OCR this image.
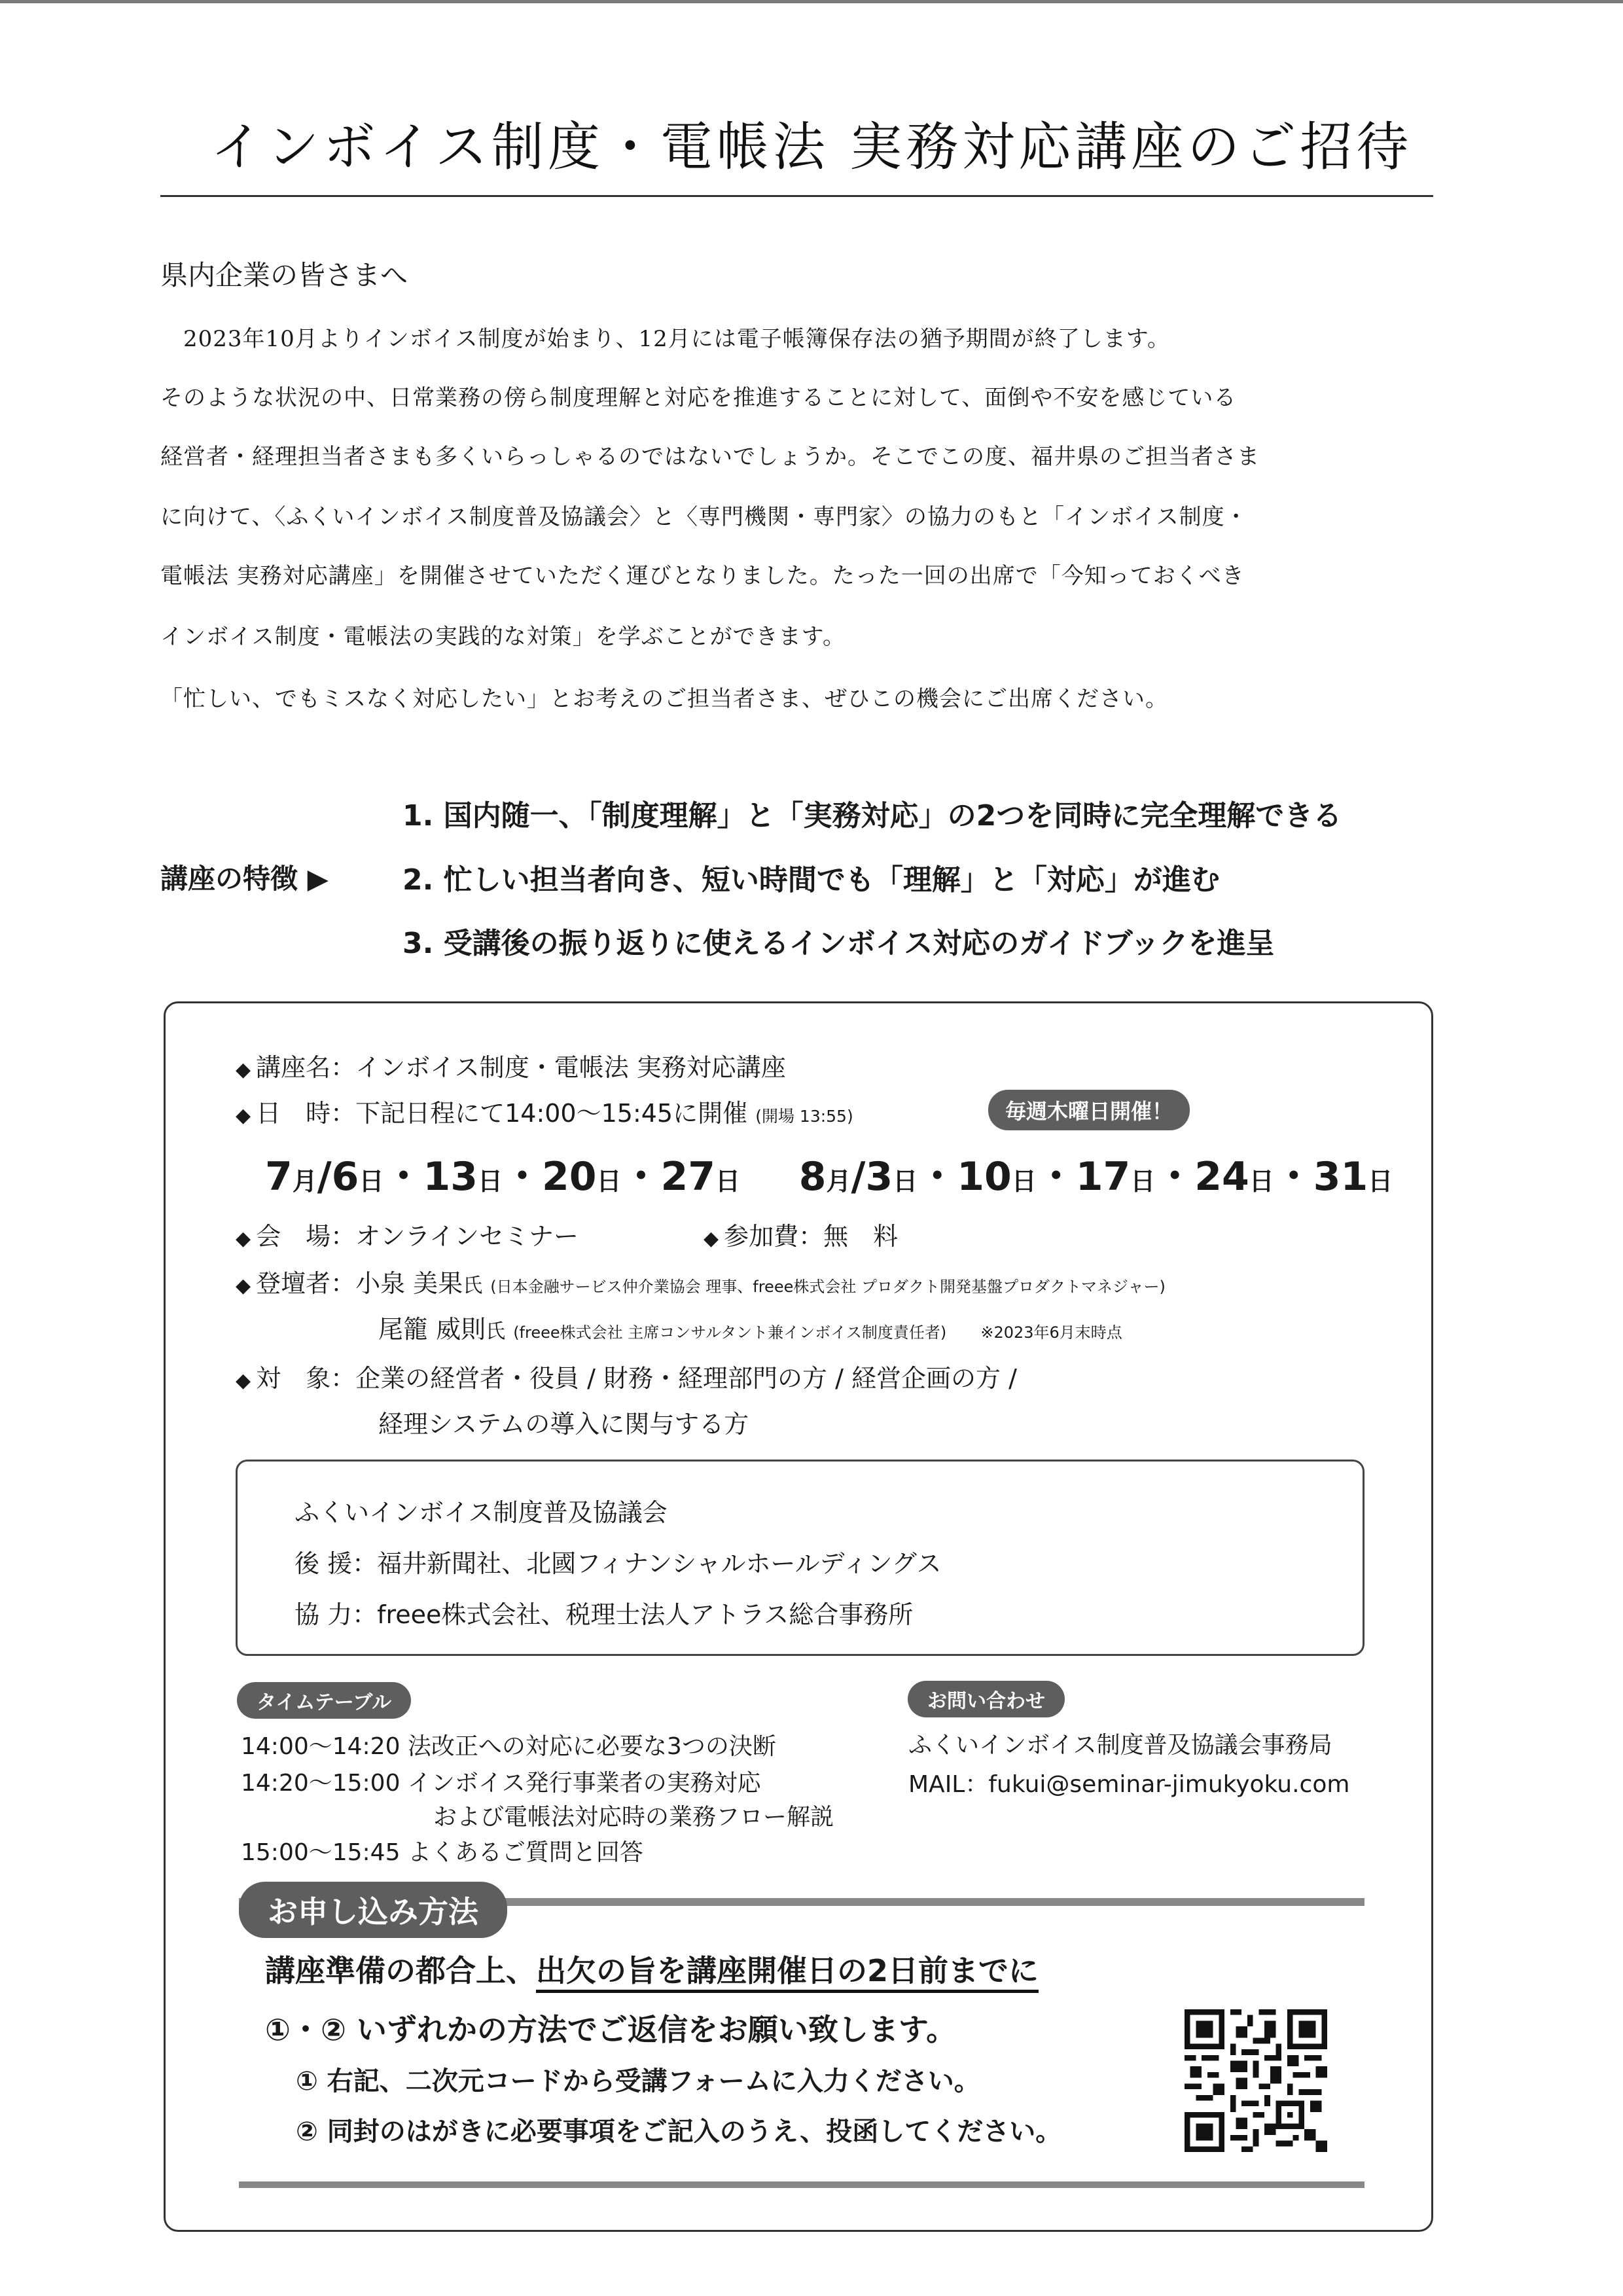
インボイス制度・電帳法 実務対応講座のご招待
県内企業の皆さまへ
　2023年10月よりインボイス制度が始まり、12月には電子帳簿保存法の猶予期間が終了します。
そのような状況の中、日常業務の傍ら制度理解と対応を推進することに対して、面倒や不安を感じている
経営者・経理担当者さまも多くいらっしゃるのではないでしょうか。そこでこの度、福井県のご担当者さま
に向けて、〈ふくいインボイス制度普及協議会〉と〈専門機関・専門家〉の協力のもと「インボイス制度・
電帳法 実務対応講座」を開催させていただく運びとなりました。たった一回の出席で「今知っておくべき
インボイス制度・電帳法の実践的な対策」を学ぶことができます。
「忙しい、でもミスなく対応したい」とお考えのご担当者さま、ぜひこの機会にご出席ください。
講座の特徴 ▶
1. 国内随一、「制度理解」と「実務対応」の2つを同時に完全理解できる
2. 忙しい担当者向き、短い時間でも「理解」と「対応」が進む
3. 受講後の振り返りに使えるインボイス対応のガイドブックを進呈
◆ 講座名：インボイス制度・電帳法 実務対応講座
◆ 日　時：下記日程にて14:00～15:45に開催 (開場 13:55)	毎週木曜日開催！
7月/6日・13日・20日・27日 8月/3日・10日・17日・24日・31日
◆ 会　場：オンラインセミナー	◆ 参加費：無　料
◆ 登壇者：小泉 美果氏 (日本金融サービス仲介業協会 理事、freee株式会社 プロダクト開発基盤プロダクトマネジャー)
尾籠 威則氏 (freee株式会社 主席コンサルタント兼インボイス制度責任者) ※2023年6月末時点
◆ 対　象：企業の経営者・役員 / 財務・経理部門の方 / 経営企画の方 /
経理システムの導入に関与する方
ふくいインボイス制度普及協議会
後 援：福井新聞社、北國フィナンシャルホールディングス
協 力：freee株式会社、税理士法人アトラス総合事務所
タイムテーブル
14:00～14:20 法改正への対応に必要な3つの決断
14:20～15:00 インボイス発行事業者の実務対応
および電帳法対応時の業務フロー解説
15:00～15:45 よくあるご質問と回答
お問い合わせ
ふくいインボイス制度普及協議会事務局
MAIL：fukui@seminar-jimukyoku.com
お申し込み方法
講座準備の都合上、出欠の旨を講座開催日の2日前までに
①・② いずれかの方法でご返信をお願い致します。
① 右記、二次元コードから受講フォームに入力ください。
② 同封のはがきに必要事項をご記入のうえ、投函してください。
